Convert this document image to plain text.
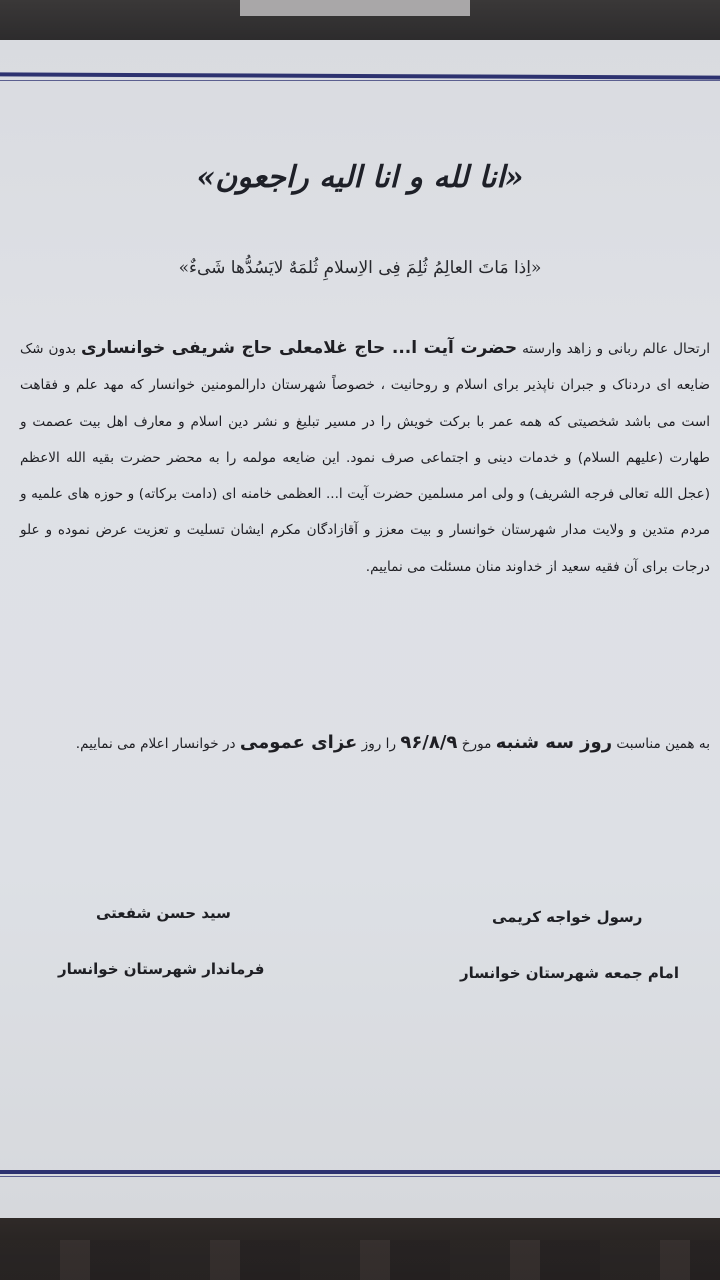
«انا لله و انا الیه راجعون»
«اِذا مَاتَ العالِمُ ثُلِمَ فِی الاِسلامِ ثُلمَهٌ لایَسُدُّها شَیءٌ»
ارتحال عالم ربانی و زاهد وارسته حضرت آیت ا... حاج غلامعلی حاج شریفی خوانساری بدون شک ضایعه ای دردناک و جبران ناپذیر برای اسلام و روحانیت ، خصوصاً شهرستان دارالمومنین خوانسار که مهد علم و فقاهت است می باشد شخصیتی که همه عمر با برکت خویش را در مسیر تبلیغ و نشر دین اسلام و معارف اهل بیت عصمت و طهارت (علیهم السلام) و خدمات دینی و اجتماعی صرف نمود. این ضایعه مولمه را به محضر حضرت بقیه الله الاعظم (عجل الله تعالی فرجه الشریف) و ولی امر مسلمین حضرت آیت ا... العظمی خامنه ای (دامت برکاته) و حوزه های علمیه و مردم متدین و ولایت مدار شهرستان خوانسار و بیت معزز و آقازادگان مکرم ایشان تسلیت و تعزیت عرض نموده و علو درجات برای آن فقیه سعید از خداوند منان مسئلت می نماییم.
به همین مناسبت روز سه شنبه مورخ ۹۶/۸/۹ را روز عزای عمومی در خوانسار اعلام می نماییم.
سید حسن شفعتی
فرماندار شهرستان خوانسار
رسول خواجه کریمی
امام جمعه شهرستان خوانسار
